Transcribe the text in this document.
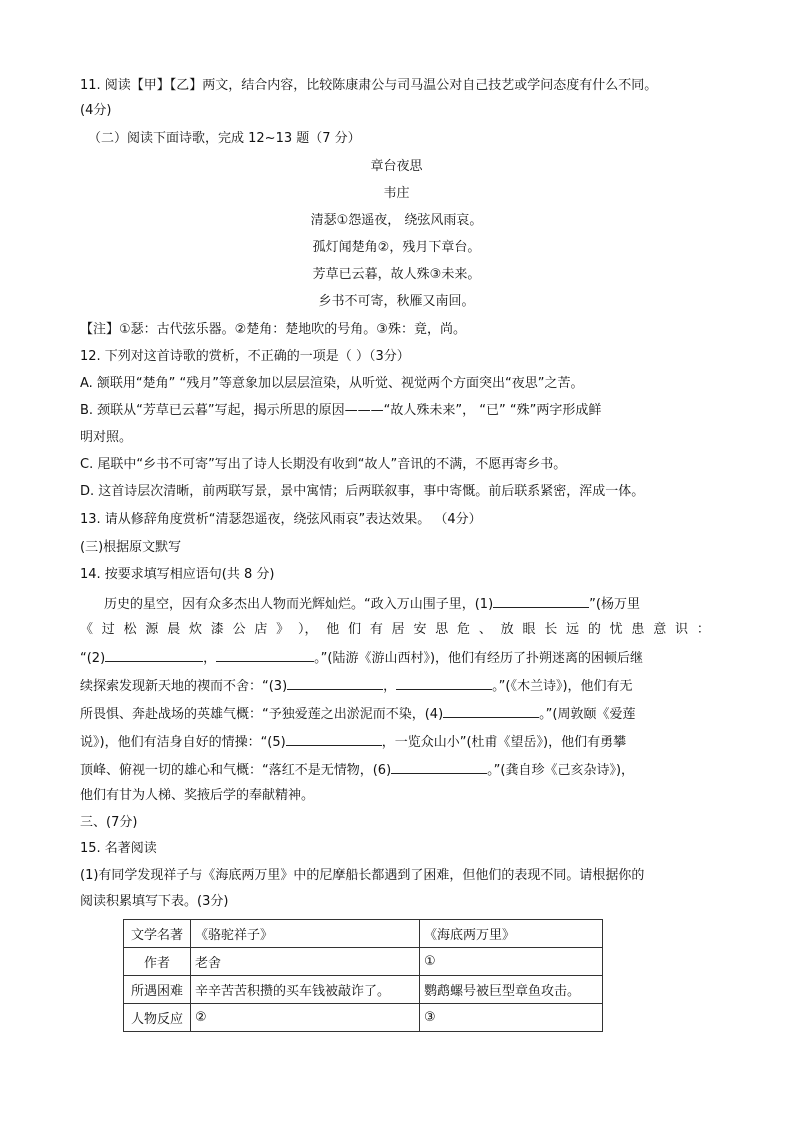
11. 阅读【甲】【乙】两文，结合内容，比较陈康肃公与司马温公对自己技艺或学问态度有什么不同。
(4分)
（二）阅读下面诗歌，完成 12~13 题（7 分）
章台夜思
韦庄
清瑟①怨遥夜， 绕弦风雨哀。
孤灯闻楚角②，残月下章台。
芳草已云暮，故人殊③未来。
乡书不可寄，秋雁又南回。
【注】①瑟：古代弦乐器。②楚角：楚地吹的号角。③殊：竟，尚。
12. 下列对这首诗歌的赏析，不正确的一项是（ ）（3分）
A. 颔联用“楚角” “残月”等意象加以层层渲染，从听觉、视觉两个方面突出“夜思”之苦。
B. 颈联从“芳草已云暮”写起，揭示所思的原因———“故人殊未来”， “已” “殊”两字形成鲜
明对照。
C. 尾联中“乡书不可寄”写出了诗人长期没有收到“故人”音讯的不满，不愿再寄乡书。
D. 这首诗层次清晰，前两联写景，景中寓情；后两联叙事，事中寄慨。前后联系紧密，浑成一体。
13. 请从修辞角度赏析“清瑟怨遥夜，绕弦风雨哀”表达效果。 （4分）
(三)根据原文默写
14. 按要求填写相应语句(共 8 分)
历史的星空，因有众多杰出人物而光辉灿烂。“政入万山围子里，(1)	”(杨万里
《 过 松 源 晨 炊 漆 公 店 》 ）， 他 们 有 居 安 思 危 、 放 眼 长 远 的 忧 患 意 识 ：
“(2)	，	。”(陆游《游山西村》)，他们有经历了扑朔迷离的困顿后继
续探索发现新天地的禊而不舍：“(3)	，	。”(《木兰诗》)，他们有无
所畏惧、奔赴战场的英雄气概：“予独爱莲之出淤泥而不染，(4)	。”(周敦颐《爱莲
说》)，他们有洁身自好的情操：“(5)	，一览众山小”(杜甫《望岳》)，他们有勇攀
顶峰、俯视一切的雄心和气概：“落红不是无情物，(6)	。”(龚自珍《己亥杂诗》)，
他们有甘为人梯、奖掖后学的奉献精神。
三、(7分)
15. 名著阅读
(1)有同学发现祥子与《海底两万里》中的尼摩船长都遇到了困难，但他们的表现不同。请根据你的
阅读积累填写下表。(3分)
文学名著	《骆驼祥子》	《海底两万里》
作者	老舍	①
所遇困难	辛辛苦苦积攒的买车钱被敲诈了。	鹦鹉螺号被巨型章鱼攻击。
人物反应	②	③
